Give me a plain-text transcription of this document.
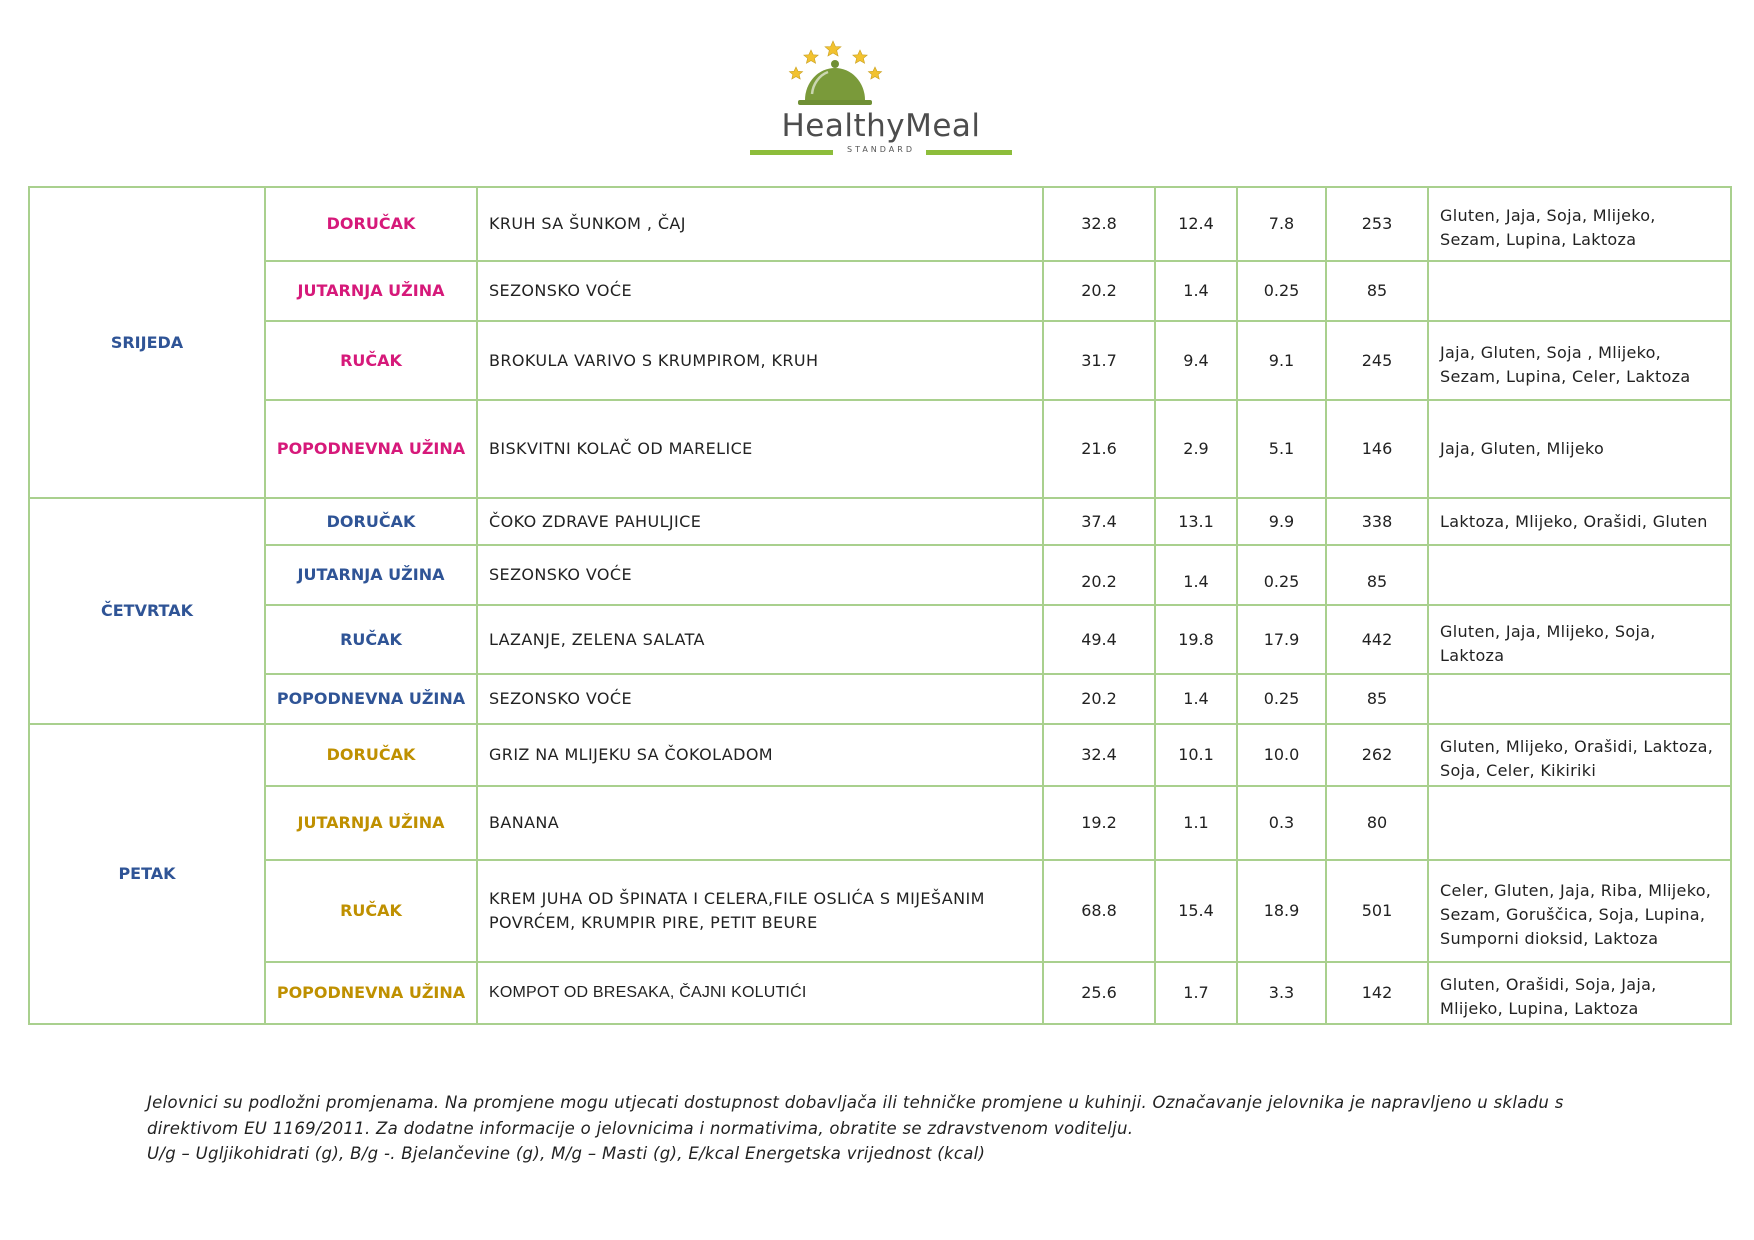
HealthyMeal
STANDARD
SRIJEDA	DORUČAK	KRUH SA ŠUNKOM , ČAJ	32.8	12.4	7.8	253	Gluten, Jaja, Soja, Mlijeko, Sezam, Lupina, Laktoza
	JUTARNJA UŽINA	SEZONSKO VOĆE	20.2	1.4	0.25	85	
	RUČAK	BROKULA VARIVO S KRUMPIROM, KRUH	31.7	9.4	9.1	245	Jaja, Gluten, Soja , Mlijeko, Sezam, Lupina, Celer, Laktoza
	POPODNEVNA UŽINA	BISKVITNI KOLAČ OD MARELICE	21.6	2.9	5.1	146	Jaja, Gluten, Mlijeko
ČETVRTAK	DORUČAK	ČOKO ZDRAVE PAHULJICE	37.4	13.1	9.9	338	Laktoza, Mlijeko, Orašidi, Gluten
	JUTARNJA UŽINA	SEZONSKO VOĆE	20.2	1.4	0.25	85	
	RUČAK	LAZANJE, ZELENA SALATA	49.4	19.8	17.9	442	Gluten, Jaja, Mlijeko, Soja, Laktoza
	POPODNEVNA UŽINA	SEZONSKO VOĆE	20.2	1.4	0.25	85	
PETAK	DORUČAK	GRIZ NA MLIJEKU SA ČOKOLADOM	32.4	10.1	10.0	262	Gluten, Mlijeko, Orašidi, Laktoza, Soja, Celer, Kikiriki
	JUTARNJA UŽINA	BANANA	19.2	1.1	0.3	80	
	RUČAK	KREM JUHA OD ŠPINATA I CELERA,FILE OSLIĆA S MIJEŠANIM POVRĆEM, KRUMPIR PIRE, PETIT BEURE	68.8	15.4	18.9	501	Celer, Gluten, Jaja, Riba, Mlijeko, Sezam, Goruščica, Soja, Lupina, Sumporni dioksid, Laktoza
	POPODNEVNA UŽINA	KOMPOT OD BRESAKA, ČAJNI KOLUTIĆI	25.6	1.7	3.3	142	Gluten, Orašidi, Soja, Jaja, Mlijeko, Lupina, Laktoza

Jelovnici su podložni promjenama. Na promjene mogu utjecati dostupnost dobavljača ili tehničke promjene u kuhinji. Označavanje jelovnika je napravljeno u skladu s direktivom EU 1169/2011. Za dodatne informacije o jelovnicima i normativima, obratite se zdravstvenom voditelju.

U/g – Ugljikohidrati (g), B/g -. Bjelančevine (g), M/g – Masti (g), E/kcal Energetska vrijednost (kcal)
